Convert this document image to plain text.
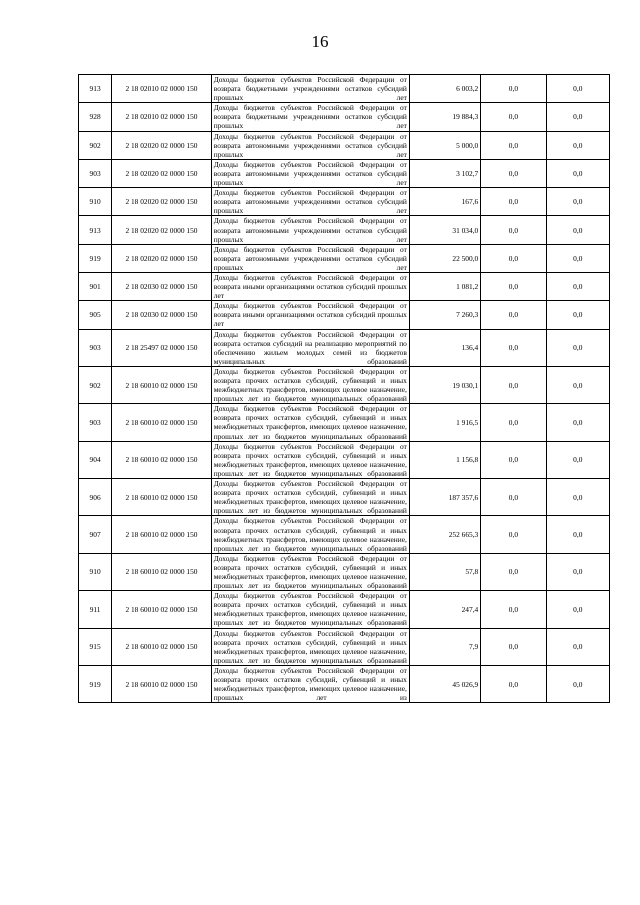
16
913	2 18 02010 02 0000 150	Доходы бюджетов субъектов Российской Федерации от возврата бюджетными учреждениями остатков субсидий прошлых лет	6 003,2	0,0	0,0
928	2 18 02010 02 0000 150	Доходы бюджетов субъектов Российской Федерации от возврата бюджетными учреждениями остатков субсидий прошлых лет	19 884,3	0,0	0,0
902	2 18 02020 02 0000 150	Доходы бюджетов субъектов Российской Федерации от возврата автономными учреждениями остатков субсидий прошлых лет	5 000,0	0,0	0,0
903	2 18 02020 02 0000 150	Доходы бюджетов субъектов Российской Федерации от возврата автономными учреждениями остатков субсидий прошлых лет	3 102,7	0,0	0,0
910	2 18 02020 02 0000 150	Доходы бюджетов субъектов Российской Федерации от возврата автономными учреждениями остатков субсидий прошлых лет	167,6	0,0	0,0
913	2 18 02020 02 0000 150	Доходы бюджетов субъектов Российской Федерации от возврата автономными учреждениями остатков субсидий прошлых лет	31 034,0	0,0	0,0
919	2 18 02020 02 0000 150	Доходы бюджетов субъектов Российской Федерации от возврата автономными учреждениями остатков субсидий прошлых лет	22 500,0	0,0	0,0
901	2 18 02030 02 0000 150	Доходы бюджетов субъектов Российской Федерации от возврата иными организациями остатков субсидий прошлых лет	1 081,2	0,0	0,0
905	2 18 02030 02 0000 150	Доходы бюджетов субъектов Российской Федерации от возврата иными организациями остатков субсидий прошлых лет	7 260,3	0,0	0,0
903	2 18 25497 02 0000 150	Доходы бюджетов субъектов Российской Федерации от возврата остатков субсидий на реализацию мероприятий по обеспечению жильем молодых семей из бюджетов муниципальных образований	136,4	0,0	0,0
902	2 18 60010 02 0000 150	Доходы бюджетов субъектов Российской Федерации от возврата прочих остатков субсидий, субвенций и иных межбюджетных трансфертов, имеющих целевое назначение, прошлых лет из бюджетов муниципальных образований	19 030,1	0,0	0,0
903	2 18 60010 02 0000 150	Доходы бюджетов субъектов Российской Федерации от возврата прочих остатков субсидий, субвенций и иных межбюджетных трансфертов, имеющих целевое назначение, прошлых лет из бюджетов муниципальных образований	1 916,5	0,0	0,0
904	2 18 60010 02 0000 150	Доходы бюджетов субъектов Российской Федерации от возврата прочих остатков субсидий, субвенций и иных межбюджетных трансфертов, имеющих целевое назначение, прошлых лет из бюджетов муниципальных образований	1 156,8	0,0	0,0
906	2 18 60010 02 0000 150	Доходы бюджетов субъектов Российской Федерации от возврата прочих остатков субсидий, субвенций и иных межбюджетных трансфертов, имеющих целевое назначение, прошлых лет из бюджетов муниципальных образований	187 357,6	0,0	0,0
907	2 18 60010 02 0000 150	Доходы бюджетов субъектов Российской Федерации от возврата прочих остатков субсидий, субвенций и иных межбюджетных трансфертов, имеющих целевое назначение, прошлых лет из бюджетов муниципальных образований	252 665,3	0,0	0,0
910	2 18 60010 02 0000 150	Доходы бюджетов субъектов Российской Федерации от возврата прочих остатков субсидий, субвенций и иных межбюджетных трансфертов, имеющих целевое назначение, прошлых лет из бюджетов муниципальных образований	57,8	0,0	0,0
911	2 18 60010 02 0000 150	Доходы бюджетов субъектов Российской Федерации от возврата прочих остатков субсидий, субвенций и иных межбюджетных трансфертов, имеющих целевое назначение, прошлых лет из бюджетов муниципальных образований	247,4	0,0	0,0
915	2 18 60010 02 0000 150	Доходы бюджетов субъектов Российской Федерации от возврата прочих остатков субсидий, субвенций и иных межбюджетных трансфертов, имеющих целевое назначение, прошлых лет из бюджетов муниципальных образований	7,9	0,0	0,0
919	2 18 60010 02 0000 150	Доходы бюджетов субъектов Российской Федерации от возврата прочих остатков субсидий, субвенций и иных межбюджетных трансфертов, имеющих целевое назначение, прошлых лет из	45 026,9	0,0	0,0
